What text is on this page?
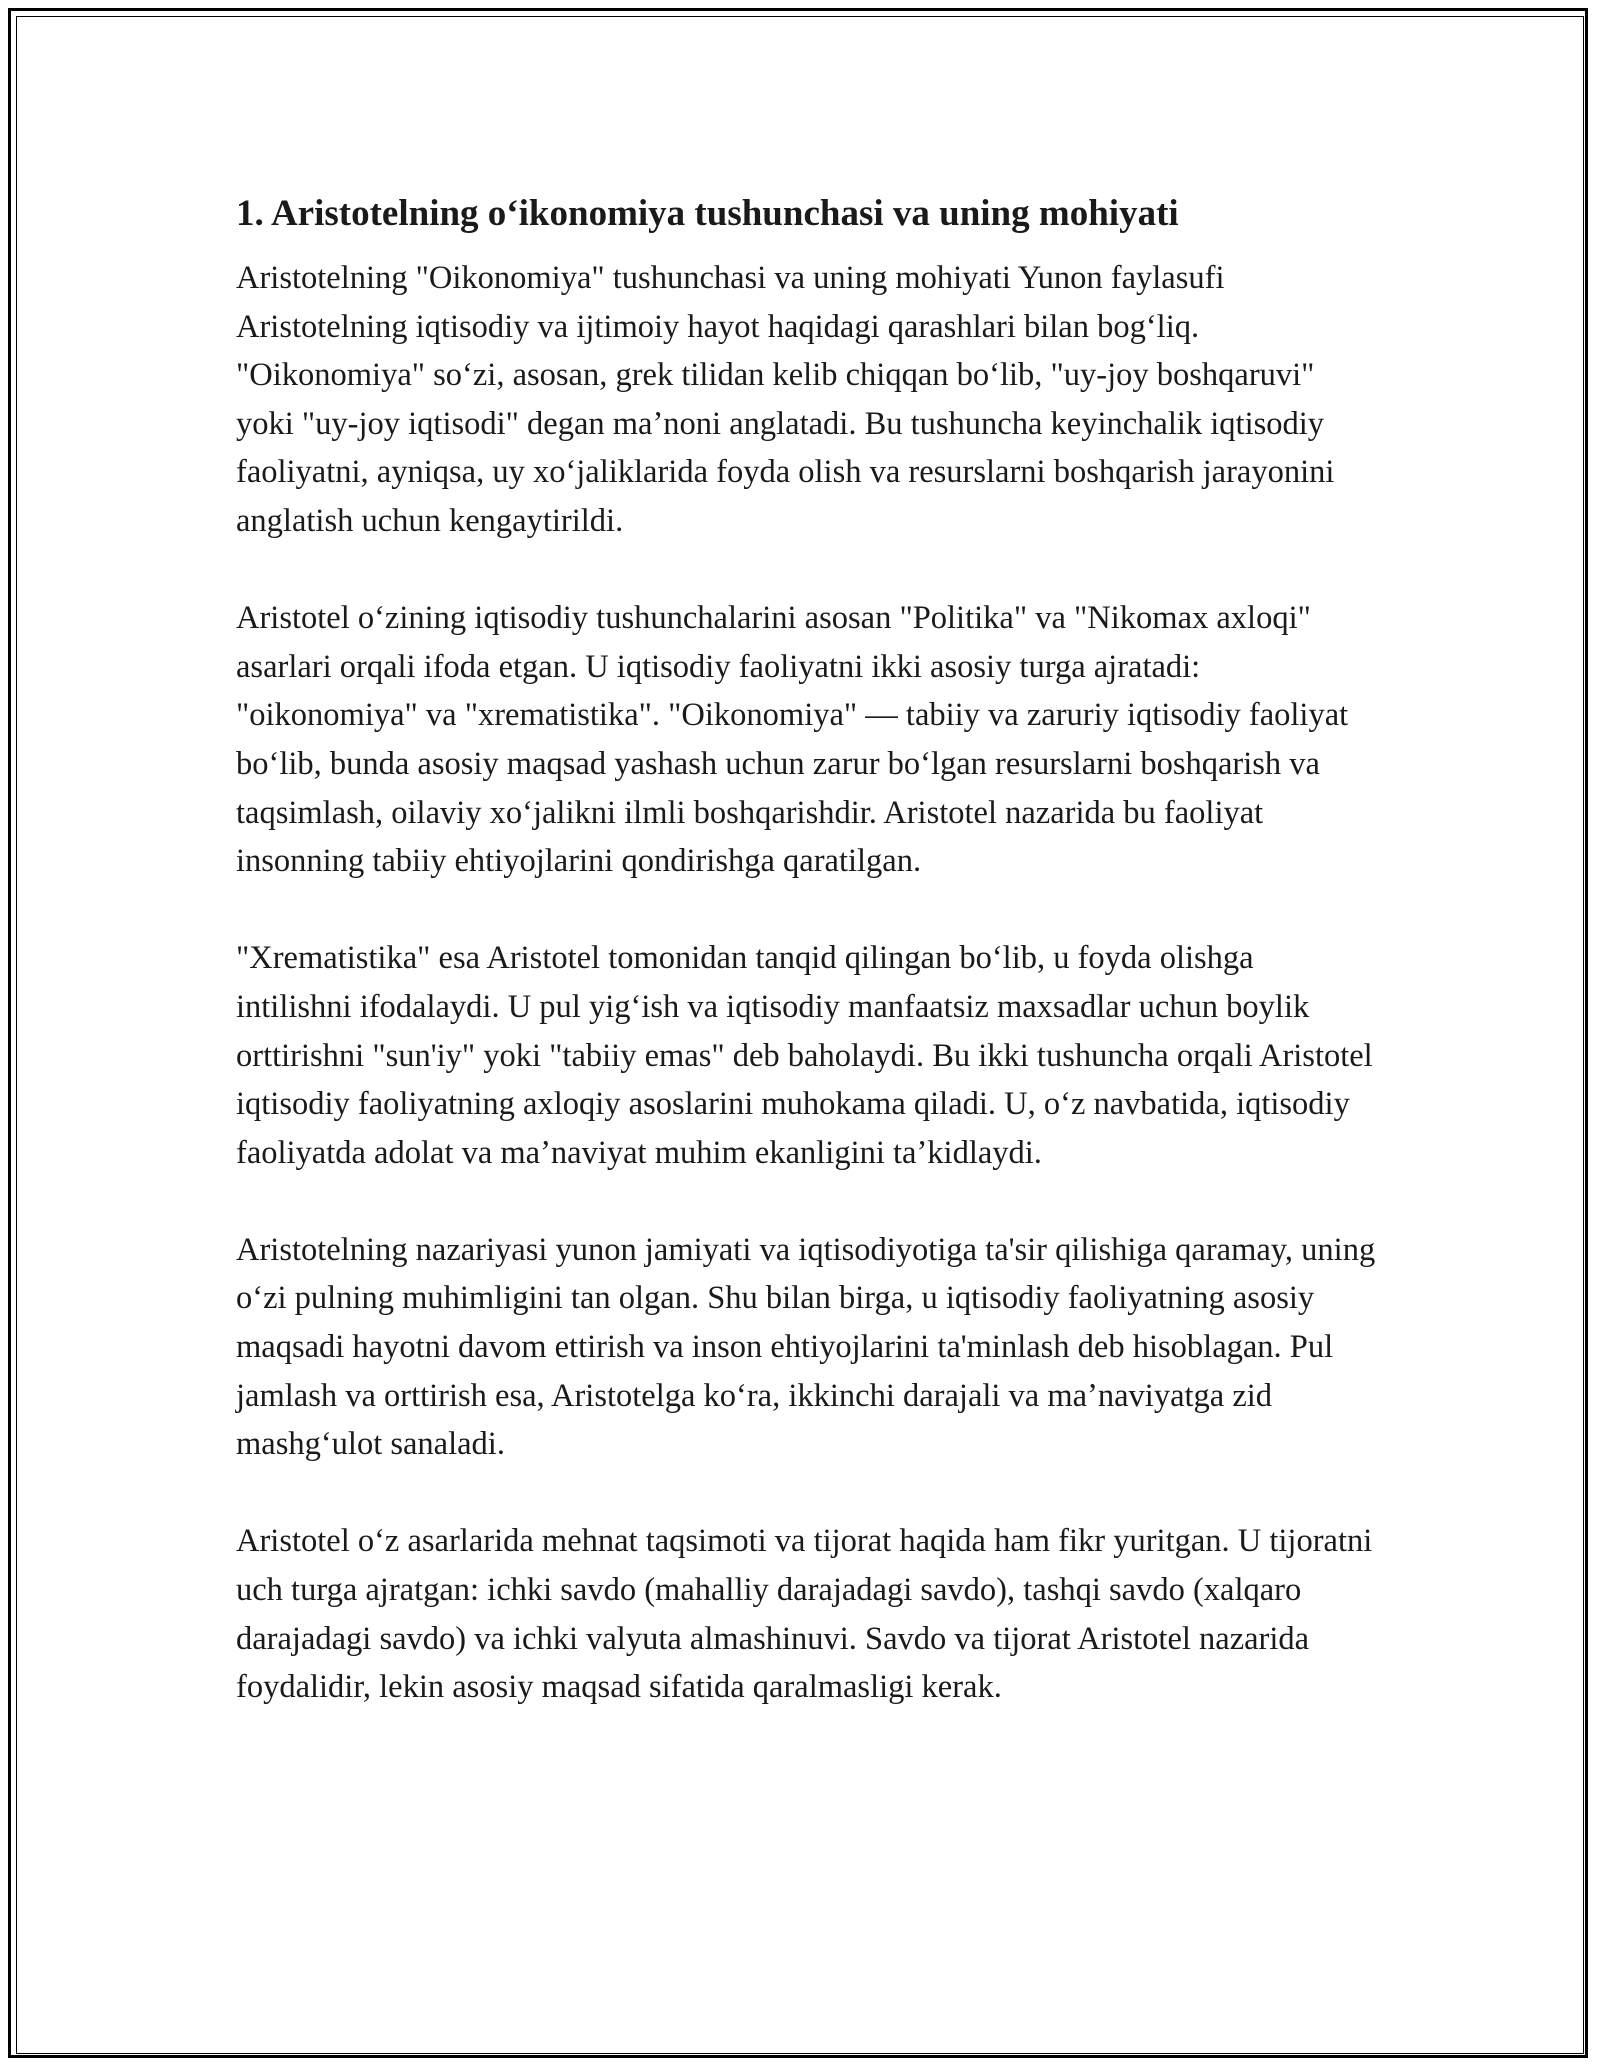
1. Aristotelning oʻikonomiya tushunchasi va uning mohiyati

Aristotelning "Oikonomiya" tushunchasi va uning mohiyati Yunon faylasufi Aristotelning iqtisodiy va ijtimoiy hayot haqidagi qarashlari bilan bogʻliq. "Oikonomiya" soʻzi, asosan, grek tilidan kelib chiqqan boʻlib, "uy-joy boshqaruvi" yoki "uy-joy iqtisodi" degan maʼnoni anglatadi. Bu tushuncha keyinchalik iqtisodiy faoliyatni, ayniqsa, uy xoʻjaliklarida foyda olish va resurslarni boshqarish jarayonini anglatish uchun kengaytirildi.

Aristotel oʻzining iqtisodiy tushunchalarini asosan "Politika" va "Nikomax axloqi" asarlari orqali ifoda etgan. U iqtisodiy faoliyatni ikki asosiy turga ajratadi: "oikonomiya" va "xrematistika". "Oikonomiya" — tabiiy va zaruriy iqtisodiy faoliyat boʻlib, bunda asosiy maqsad yashash uchun zarur boʻlgan resurslarni boshqarish va taqsimlash, oilaviy xoʻjalikni ilmli boshqarishdir. Aristotel nazarida bu faoliyat insonning tabiiy ehtiyojlarini qondirishga qaratilgan.

"Xrematistika" esa Aristotel tomonidan tanqid qilingan boʻlib, u foyda olishga intilishni ifodalaydi. U pul yigʻish va iqtisodiy manfaatsiz maxsadlar uchun boylik orttirishni "sun'iy" yoki "tabiiy emas" deb baholaydi. Bu ikki tushuncha orqali Aristotel iqtisodiy faoliyatning axloqiy asoslarini muhokama qiladi. U, oʻz navbatida, iqtisodiy faoliyatda adolat va maʼnaviyat muhim ekanligini taʼkidlaydi.

Aristotelning nazariyasi yunon jamiyati va iqtisodiyotiga ta'sir qilishiga qaramay, uning oʻzi pulning muhimligini tan olgan. Shu bilan birga, u iqtisodiy faoliyatning asosiy maqsadi hayotni davom ettirish va inson ehtiyojlarini ta'minlash deb hisoblagan. Pul jamlash va orttirish esa, Aristotelga koʻra, ikkinchi darajali va maʼnaviyatga zid mashgʻulot sanaladi.

Aristotel oʻz asarlarida mehnat taqsimoti va tijorat haqida ham fikr yuritgan. U tijoratni uch turga ajratgan: ichki savdo (mahalliy darajadagi savdo), tashqi savdo (xalqaro darajadagi savdo) va ichki valyuta almashinuvi. Savdo va tijorat Aristotel nazarida foydalidir, lekin asosiy maqsad sifatida qaralmasligi kerak.
